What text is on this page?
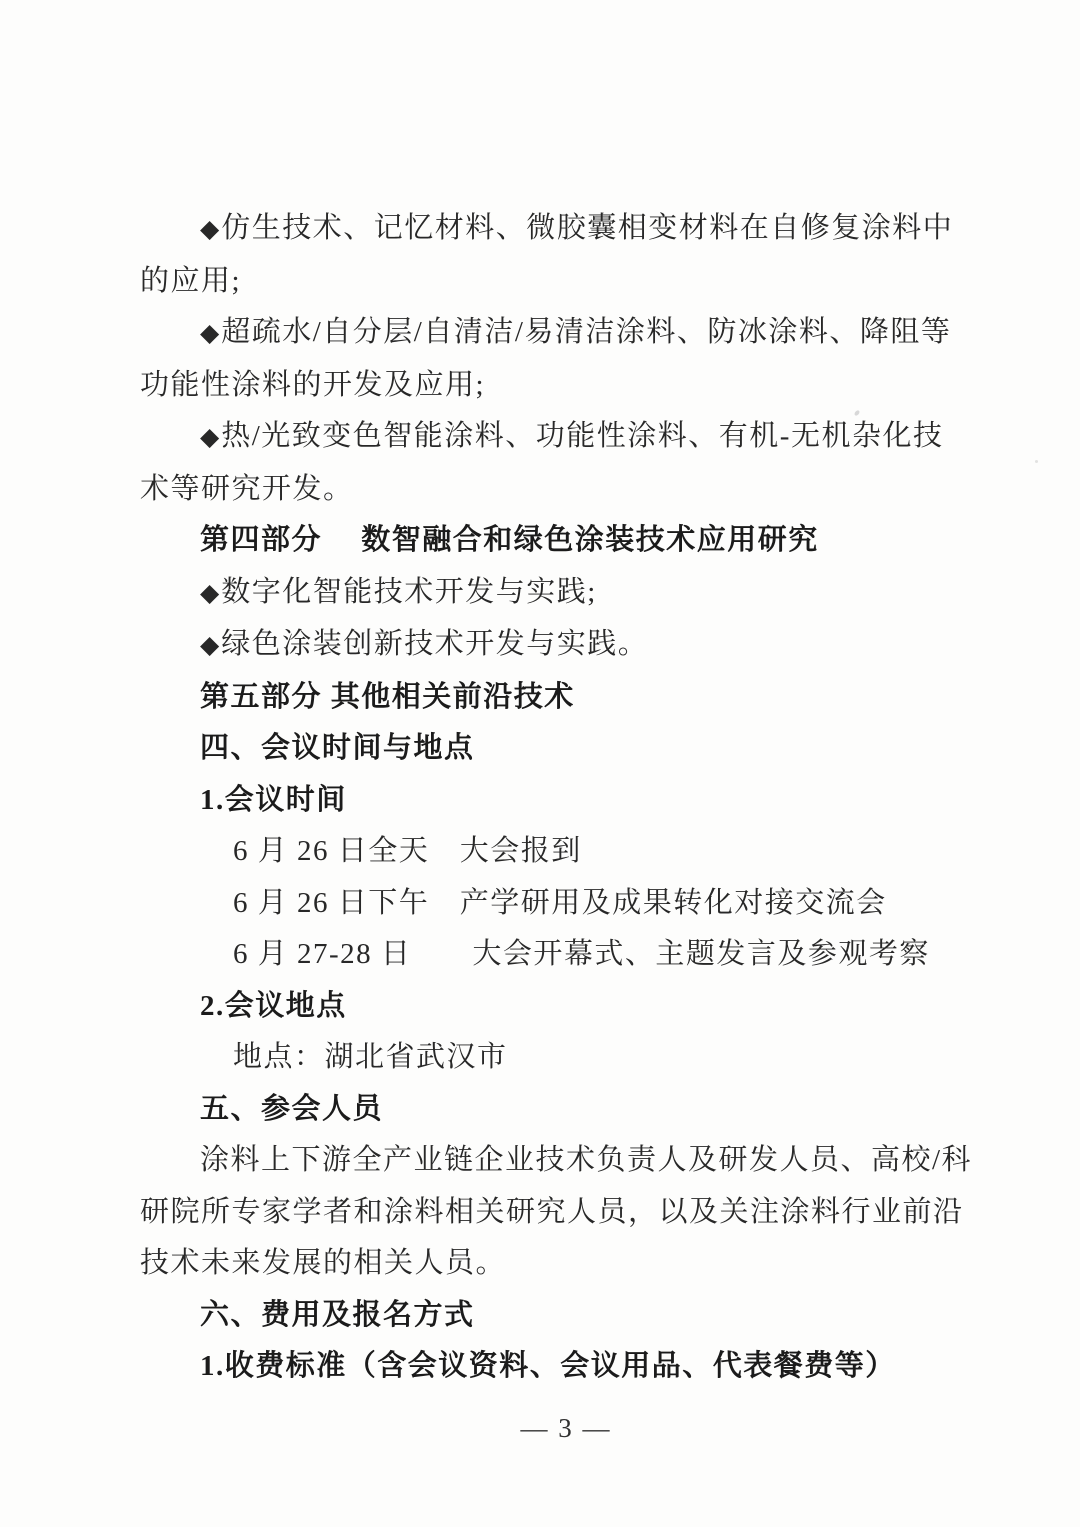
◆仿生技术、记忆材料、微胶囊相变材料在自修复涂料中
的应用;
◆超疏水/自分层/自清洁/易清洁涂料、防冰涂料、降阻等
功能性涂料的开发及应用;
◆热/光致变色智能涂料、功能性涂料、有机-无机杂化技
术等研究开发。
第四部分　 数智融合和绿色涂装技术应用研究
◆数字化智能技术开发与实践;
◆绿色涂装创新技术开发与实践。
第五部分 其他相关前沿技术
四、会议时间与地点
1.会议时间
6 月 26 日全天　大会报到
6 月 26 日下午　产学研用及成果转化对接交流会
6 月 27-28 日　　大会开幕式、主题发言及参观考察
2.会议地点
地点：湖北省武汉市
五、参会人员
涂料上下游全产业链企业技术负责人及研发人员、高校/科
研院所专家学者和涂料相关研究人员，以及关注涂料行业前沿
技术未来发展的相关人员。
六、费用及报名方式
1.收费标准（含会议资料、会议用品、代表餐费等）
— 3 —
